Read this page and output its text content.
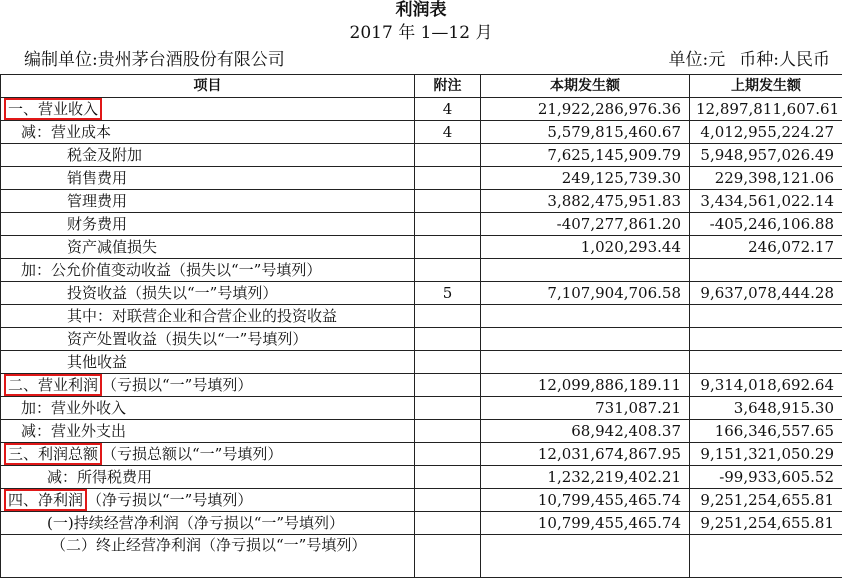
利润表
2017 年 1—12 月
编制单位:贵州茅台酒股份有限公司	单位:元 币种:人民币
项目	附注	本期发生额	上期发生额
一、营业收入	4	21,922,286,976.36	12,897,811,607.61
减：营业成本	4	5,579,815,460.67	4,012,955,224.27
税金及附加		7,625,145,909.79	5,948,957,026.49
销售费用		249,125,739.30	229,398,121.06
管理费用		3,882,475,951.83	3,434,561,022.14
财务费用		-407,277,861.20	-405,246,106.88
资产减值损失		1,020,293.44	246,072.17
加：公允价值变动收益（损失以“一”号填列）			
投资收益（损失以“一”号填列）	5	7,107,904,706.58	9,637,078,444.28
其中：对联营企业和合营企业的投资收益			
资产处置收益（损失以“一”号填列）			
其他收益			
二、营业利润 （亏损以“一”号填列）		12,099,886,189.11	9,314,018,692.64
加：营业外收入		731,087.21	3,648,915.30
减：营业外支出		68,942,408.37	166,346,557.65
三、利润总额 （亏损总额以“一”号填列）		12,031,674,867.95	9,151,321,050.29
减：所得税费用		1,232,219,402.21	-99,933,605.52
四、净利润 （净亏损以“一”号填列）		10,799,455,465.74	9,251,254,655.81
(一)持续经营净利润（净亏损以“一”号填列）		10,799,455,465.74	9,251,254,655.81
（二）终止经营净利润（净亏损以“一”号填列）			
